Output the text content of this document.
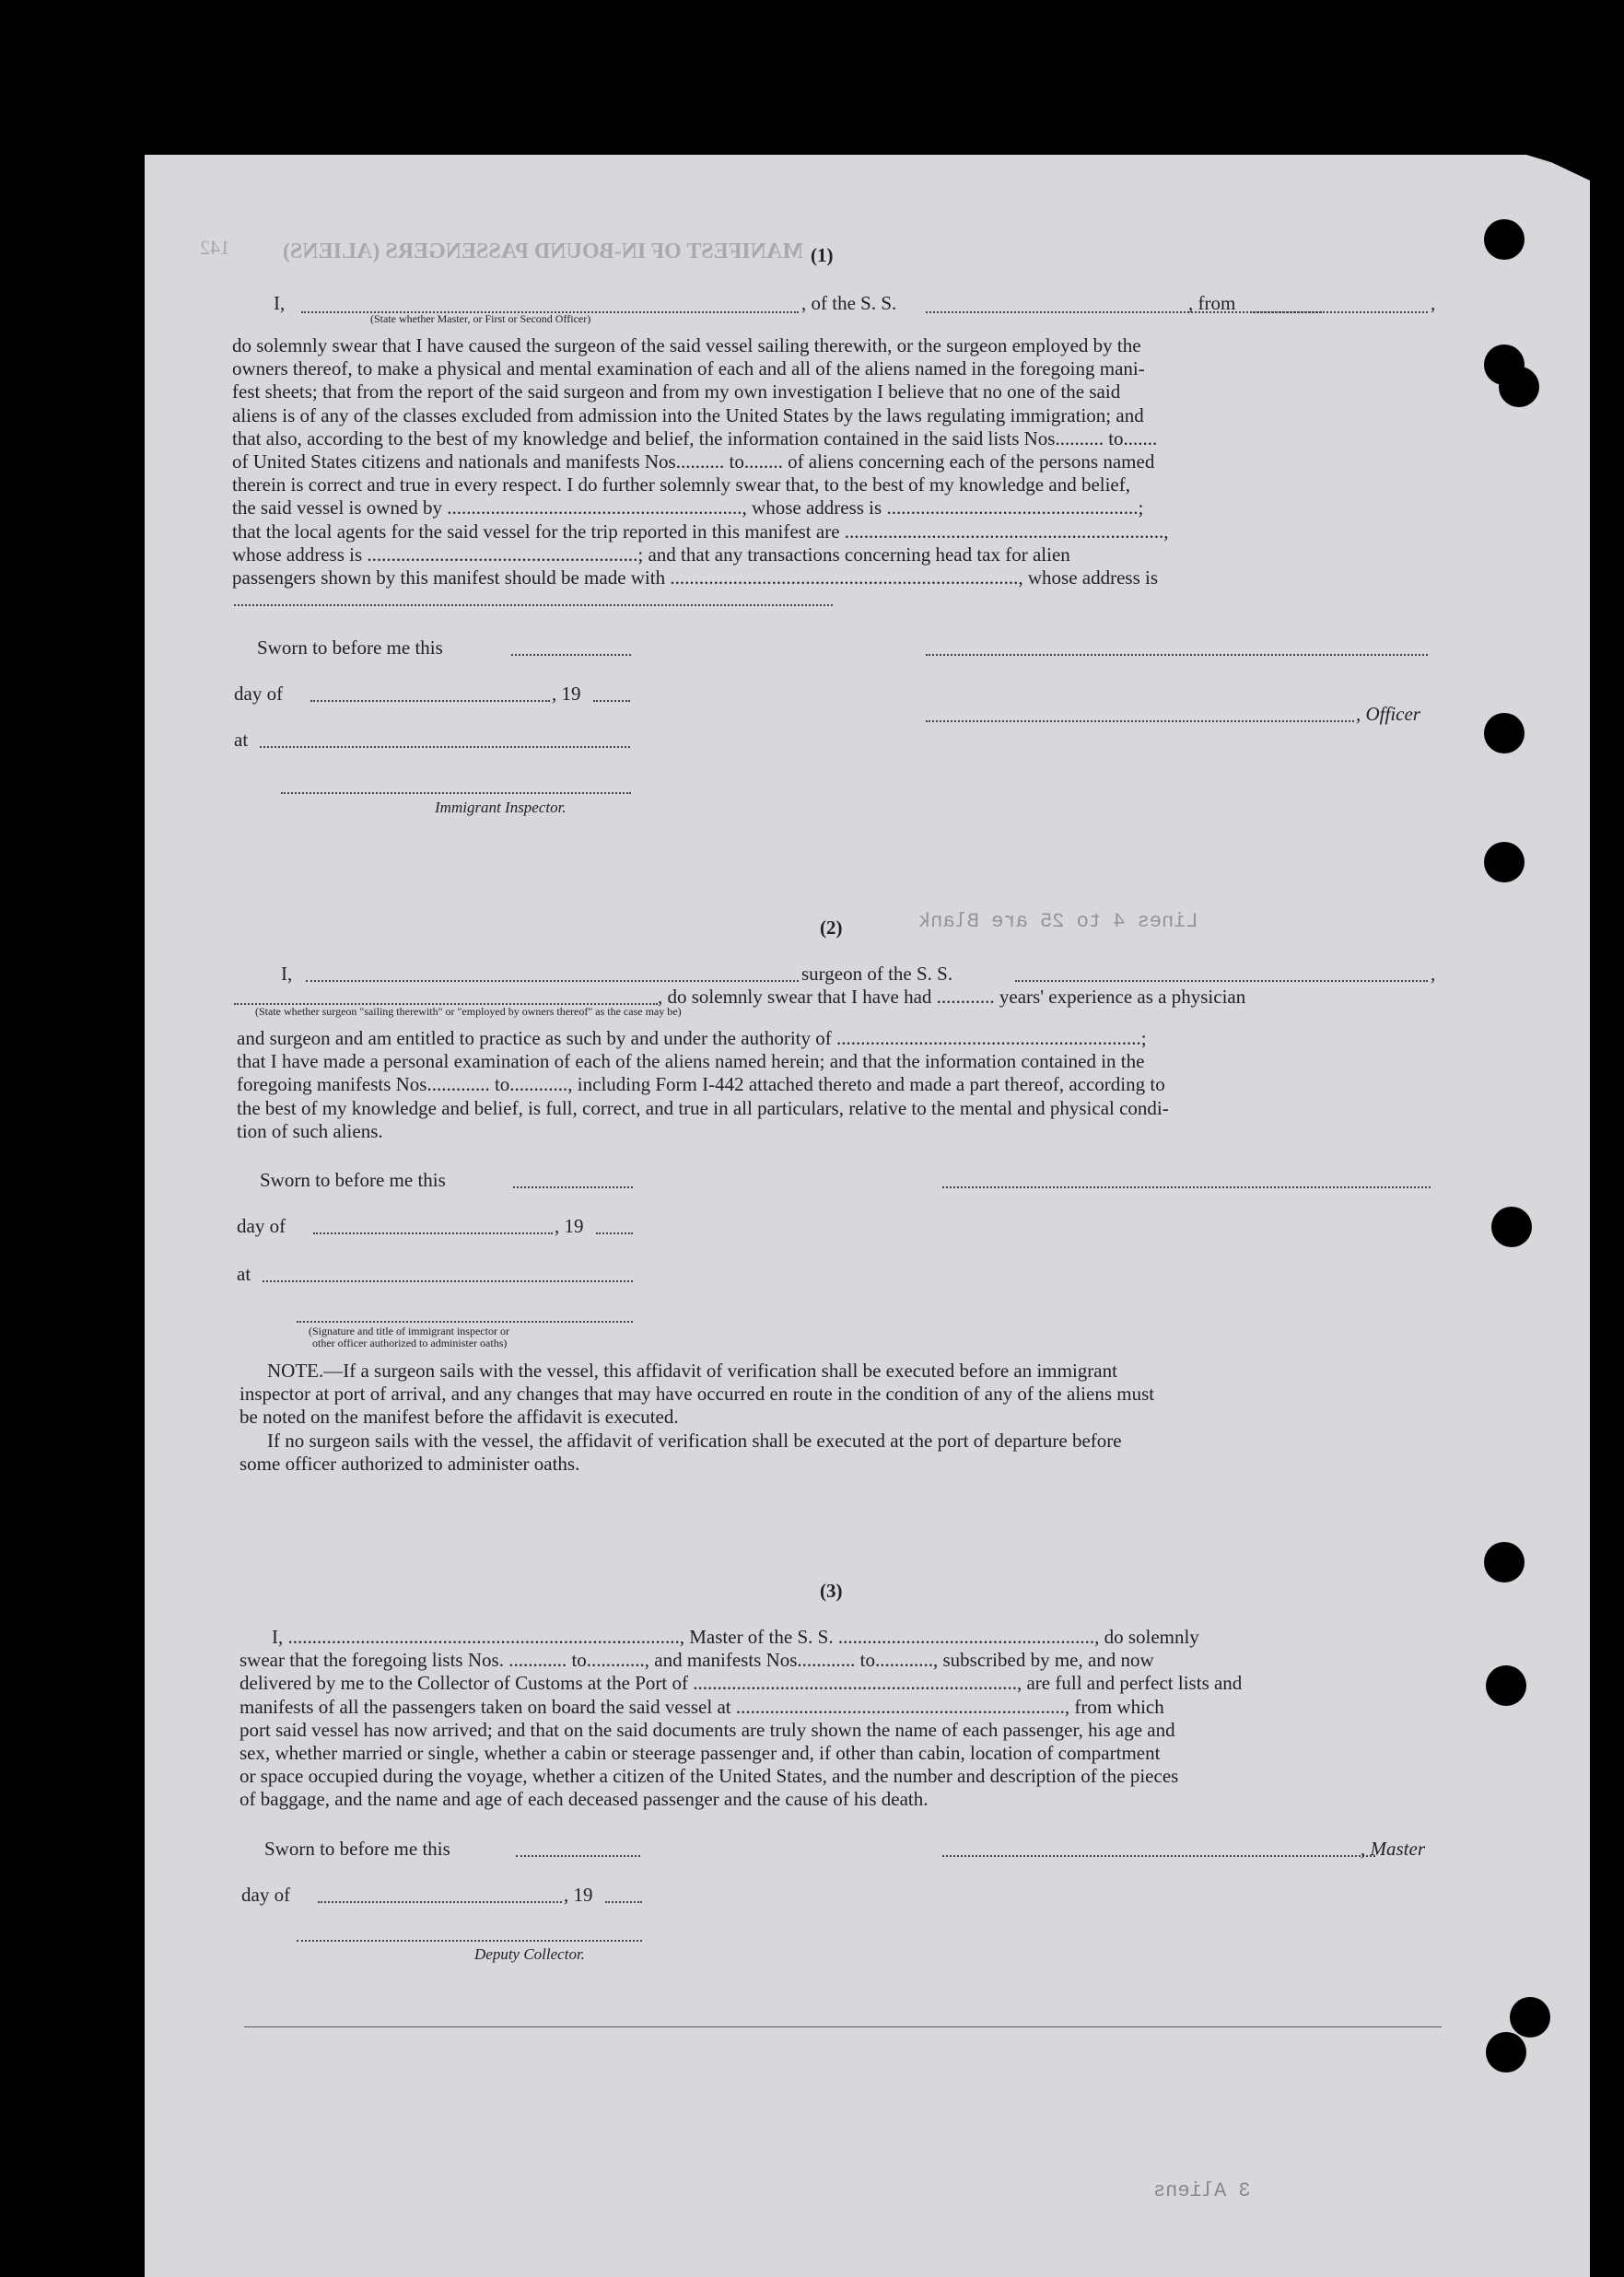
MANIFEST OF IN-BOUND PASSENGERS (ALIENS)
142
Lines 4 to 25 are Blank
3 Aliens
(1)
I,	, of the S. S.	, from	,
(State whether Master, or First or Second Officer)
do solemnly swear that I have caused the surgeon of the said vessel sailing therewith, or the surgeon employed by the
owners thereof, to make a physical and mental examination of each and all of the aliens named in the foregoing mani-
fest sheets; that from the report of the said surgeon and from my own investigation I believe that no one of the said
aliens is of any of the classes excluded from admission into the United States by the laws regulating immigration; and
that also, according to the best of my knowledge and belief, the information contained in the said lists Nos.......... to.......
of United States citizens and nationals and manifests Nos.......... to........ of aliens concerning each of the persons named
therein is correct and true in every respect. I do further solemnly swear that, to the best of my knowledge and belief,
the said vessel is owned by ............................................................., whose address is ....................................................;
that the local agents for the said vessel for the trip reported in this manifest are ..................................................................,
whose address is ........................................................; and that any transactions concerning head tax for alien
passengers shown by this manifest should be made with ........................................................................, whose address is
Sworn to before me this
day of	, 19
, Officer
at
Immigrant Inspector.
(2)
I,	surgeon of the S. S.	,
, do solemnly swear that I have had ............ years' experience as a physician
(State whether surgeon "sailing therewith" or "employed by owners thereof" as the case may be)
and surgeon and am entitled to practice as such by and under the authority of ...............................................................;
that I have made a personal examination of each of the aliens named herein; and that the information contained in the
foregoing manifests Nos............. to............, including Form I-442 attached thereto and made a part thereof, according to
the best of my knowledge and belief, is full, correct, and true in all particulars, relative to the mental and physical condi-
tion of such aliens.
Sworn to before me this
day of	, 19
at
(Signature and title of immigrant inspector or
other officer authorized to administer oaths)
NOTE.—If a surgeon sails with the vessel, this affidavit of verification shall be executed before an immigrant
inspector at port of arrival, and any changes that may have occurred en route in the condition of any of the aliens must
be noted on the manifest before the affidavit is executed.
If no surgeon sails with the vessel, the affidavit of verification shall be executed at the port of departure before
some officer authorized to administer oaths.
(3)
I, ................................................................................., Master of the S. S. ....................................................., do solemnly
swear that the foregoing lists Nos. ............ to............, and manifests Nos............ to............, subscribed by me, and now
delivered by me to the Collector of Customs at the Port of ..................................................................., are full and perfect lists and
manifests of all the passengers taken on board the said vessel at ...................................................................., from which
port said vessel has now arrived; and that on the said documents are truly shown the name of each passenger, his age and
sex, whether married or single, whether a cabin or steerage passenger and, if other than cabin, location of compartment
or space occupied during the voyage, whether a citizen of the United States, and the number and description of the pieces
of baggage, and the name and age of each deceased passenger and the cause of his death.
Sworn to before me this	, Master
day of	, 19
Deputy Collector.
